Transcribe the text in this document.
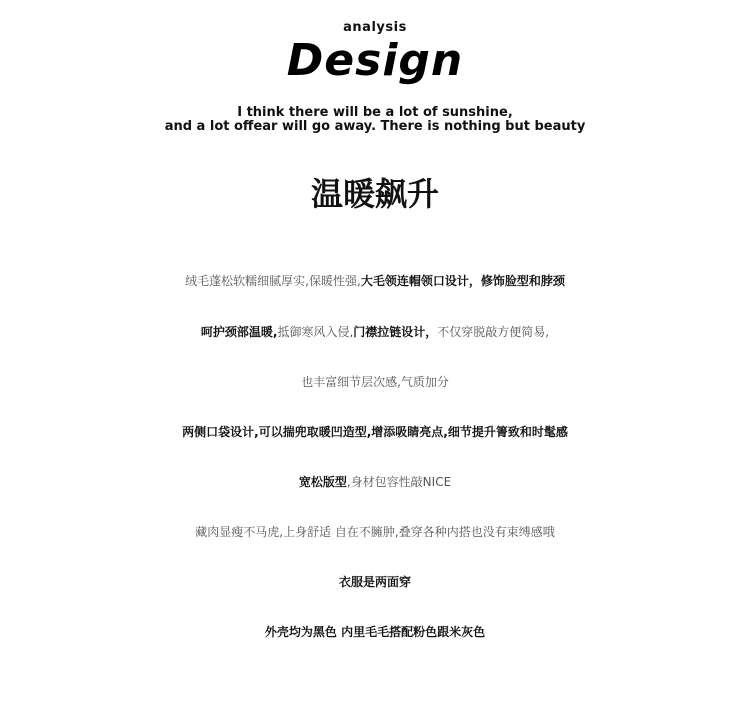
analysis
Design
I think there will be a lot of sunshine,
and a lot offear will go away. There is nothing but beauty
温暖飙升
绒毛蓬松软糯细腻厚实,保暖性强,大毛领连帽领口设计，修饰脸型和脖颈
呵护颈部温暖,抵御寒风入侵,门襟拉链设计，不仅穿脱敲方便简易,
也丰富细节层次感,气质加分
两侧口袋设计,可以揣兜取暖凹造型,增添吸睛亮点,细节提升箐致和时髦感
宽松版型,身材包容性敲NICE
藏肉显瘦不马虎,上身舒适 自在不臃肿,叠穿各种内搭也没有束缚感哦
衣服是两面穿
外壳均为黑色 内里毛毛搭配粉色跟米灰色
